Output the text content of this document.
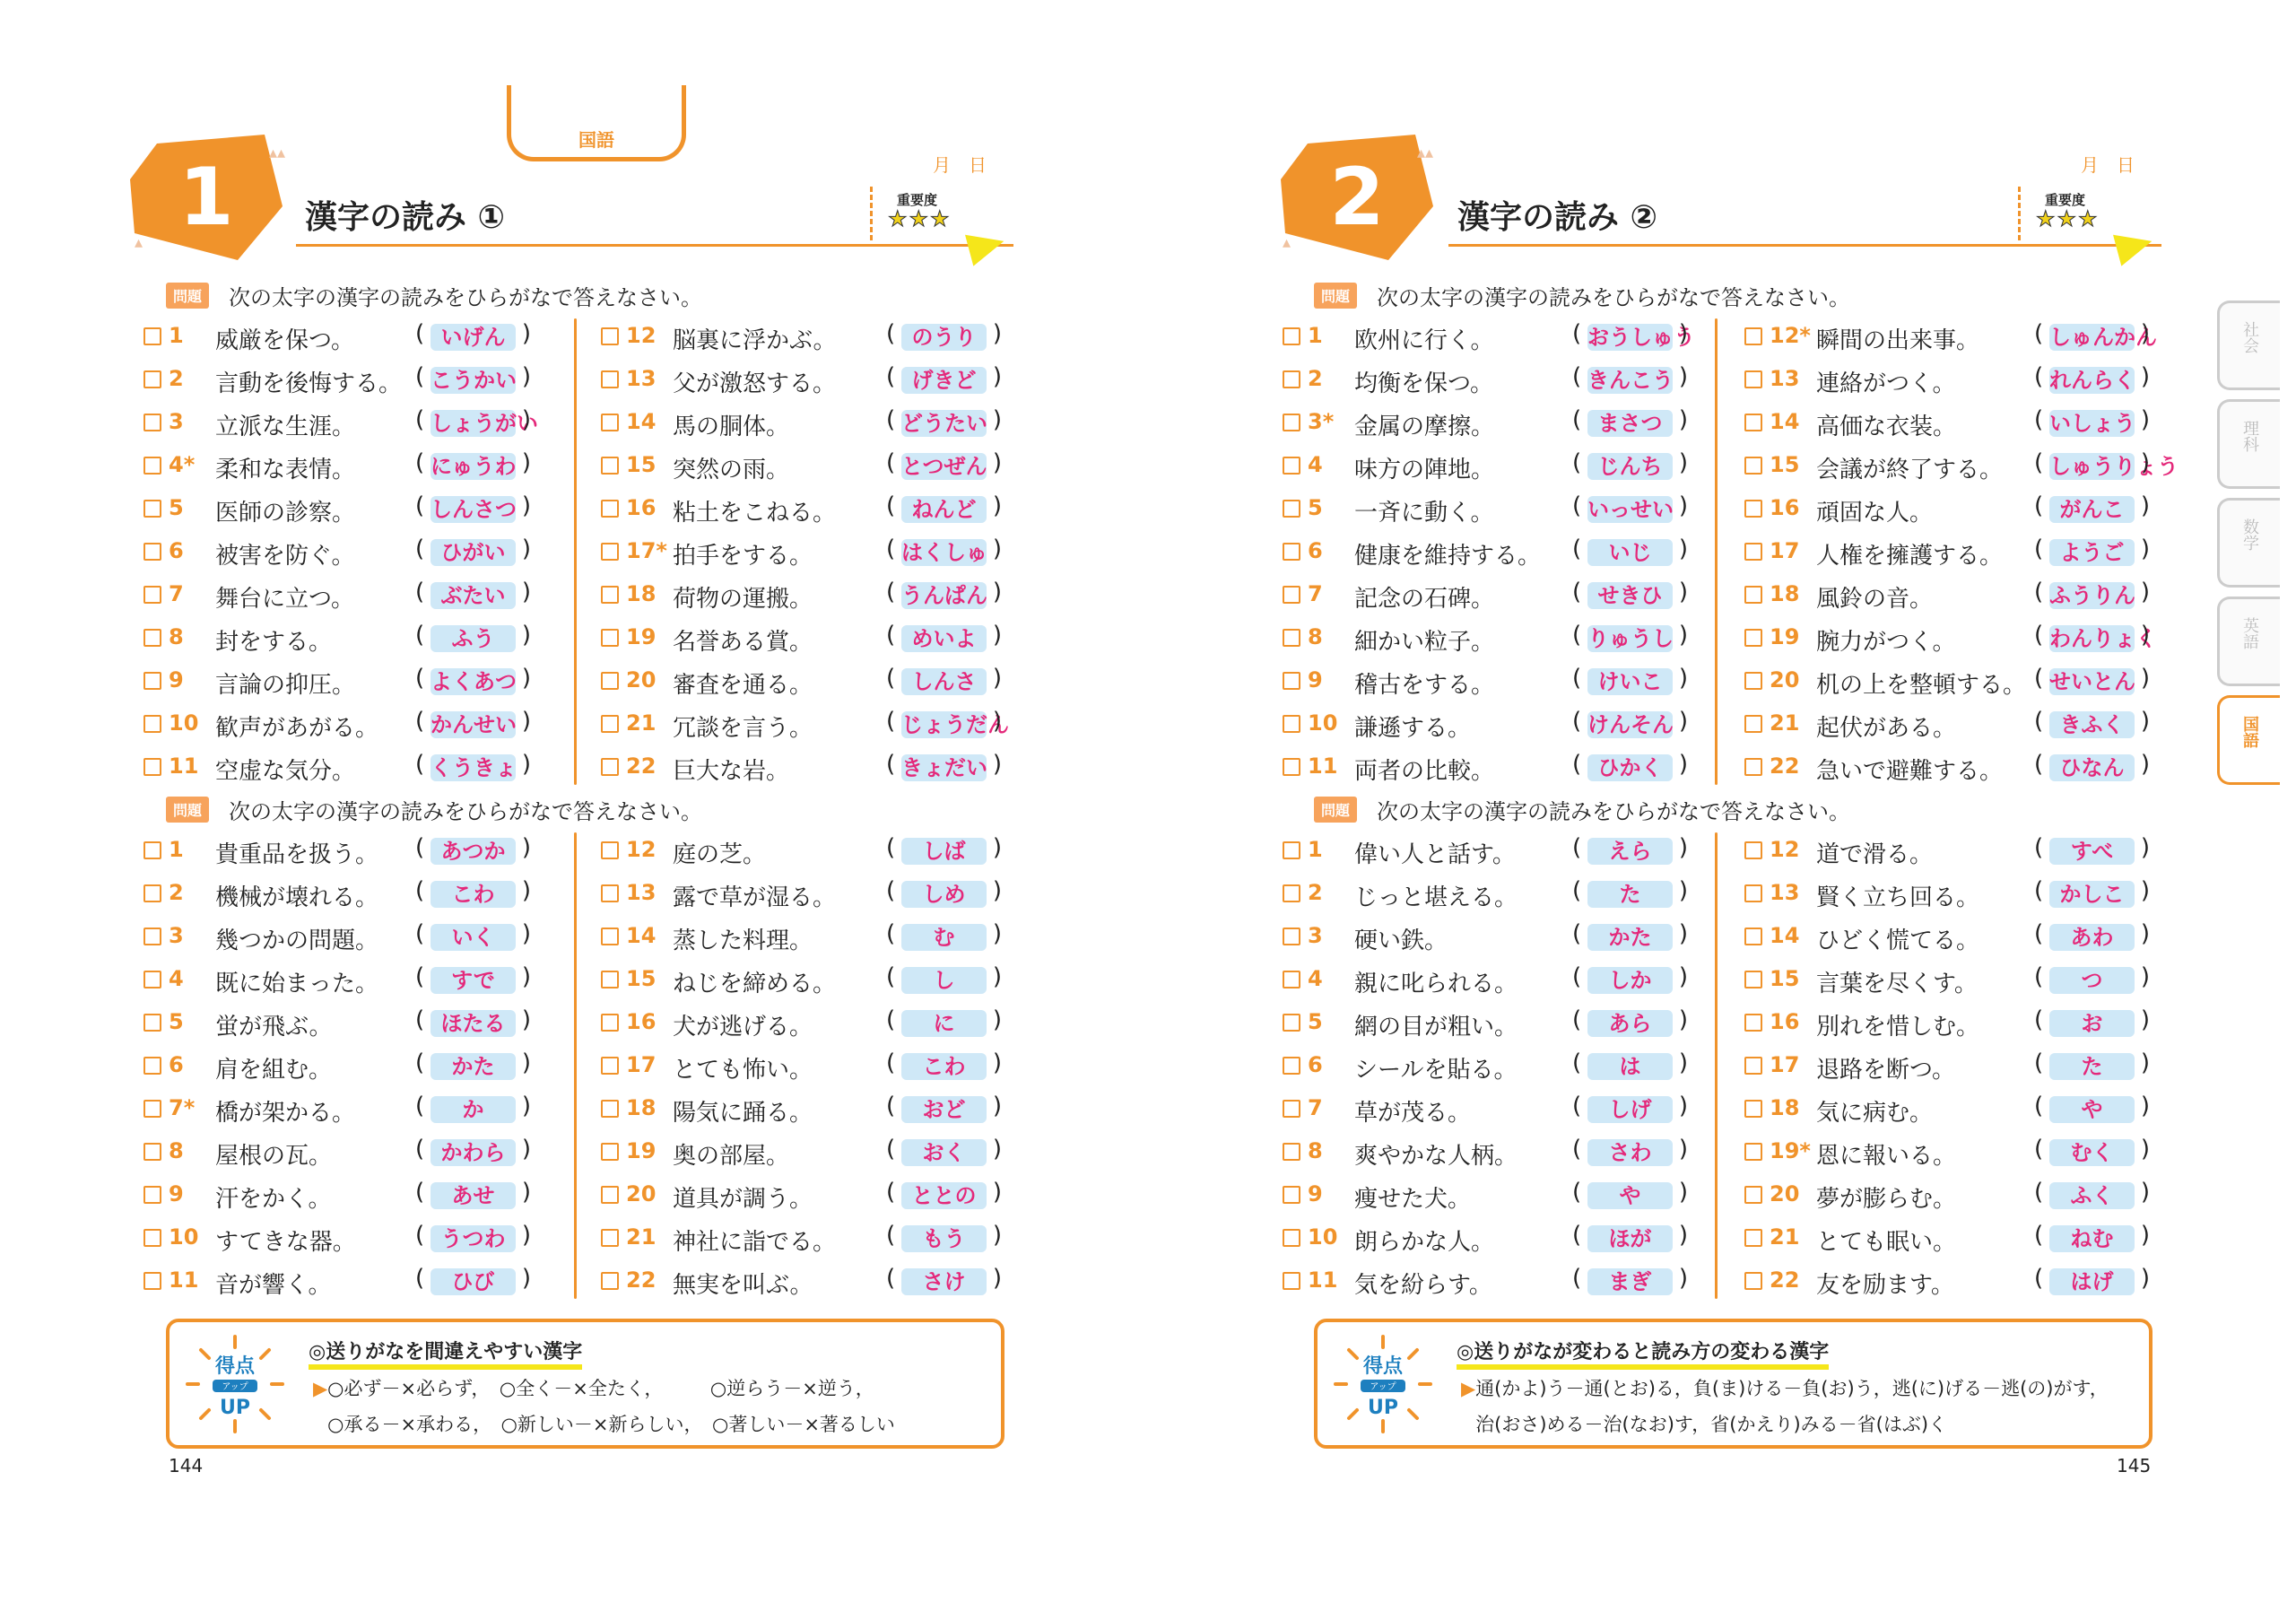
国語
1	▴▴
▴
月　日
漢字の読み ①	重要度
★★★
問題	次の太字の漢字の読みをひらがなで答えなさい。
1 威厳を保つ。	( いげん
)
2 言動を後悔する。 ( こうかい
)
3 立派な生涯。	( しょうがい
)
4* 柔和な表情。	( にゅうわ
)
5 医師の診察。	( しんさつ
)
6 被害を防ぐ。	( ひがい
)
7 舞台に立つ。	( ぶたい
)
8 封をする。	( ふう
)
9 言論の抑圧。	( よくあつ
)
10 歓声があがる。 ( かんせい
)
11 空虚な気分。	( くうきょ
)
12 脳裏に浮かぶ。	( のうり
)
13 父が激怒する。	( げきど
)
14 馬の胴体。	( どうたい
)
15 突然の雨。	( とつぜん
)
16 粘土をこねる。	( ねんど
)
17* 拍手をする。	( はくしゅ
)
18 荷物の運搬。	( うんぱん
)
19 名誉ある賞。	( めいよ
)
20 審査を通る。	( しんさ
)
21 冗談を言う。	( じょうだん
)
22 巨大な岩。	( きょだい
)
問題	次の太字の漢字の読みをひらがなで答えなさい。
1 貴重品を扱う。	( あつか
)
2 機械が壊れる。	( こわ
)
3 幾つかの問題。	( いく
)
4 既に始まった。	( すで
)
5 蛍が飛ぶ。	( ほたる
)
6 肩を組む。	( かた
)
7* 橋が架かる。	( か
)
8 屋根の瓦。	( かわら
)
9 汗をかく。	( あせ
)
10 すてきな器。	( うつわ
)
11 音が響く。	( ひび
)
12 庭の芝。	( しば
)
13 露で草が湿る。	( しめ
)
14 蒸した料理。	( む
)
15 ねじを締める。	( し
)
16 犬が逃げる。	( に
)
17 とても怖い。	( こわ
)
18 陽気に踊る。	( おど
)
19 奥の部屋。	( おく
)
20 道具が調う。	( ととの
)
21 神社に詣でる。	( もう
)
22 無実を叫ぶ。	( さけ
)
得点
アップ
UP
◎送りがなを間違えやすい漢字
▶○必ず－×必らず，　○全く－×全たく，　　　○逆らう－×逆う，
○承る－×承わる，　○新しい－×新らしい，　○著しい－×著るしい
144
2	▴▴
▴
月　日
漢字の読み ②	重要度
★★★
問題	次の太字の漢字の読みをひらがなで答えなさい。
1 欧州に行く。	( おうしゅう
)
2 均衡を保つ。	( きんこう
)
3* 金属の摩擦。	( まさつ
)
4 味方の陣地。	( じんち
)
5 一斉に動く。	( いっせい
)
6 健康を維持する。	( いじ
)
7 記念の石碑。	( せきひ
)
8 細かい粒子。	( りゅうし
)
9 稽古をする。	( けいこ
)
10 謙遜する。	( けんそん
)
11 両者の比較。	( ひかく
)
12* 瞬間の出来事。	( しゅんかん
)
13 連絡がつく。	( れんらく
)
14 高価な衣装。	( いしょう
)
15 会議が終了する。 ( しゅうりょう
)
16 頑固な人。	( がんこ
)
17 人権を擁護する。	( ようご
)
18 風鈴の音。	( ふうりん
)
19 腕力がつく。	( わんりょく
)
20 机の上を整頓する。 ( せいとん
)
21 起伏がある。	( きふく
)
22 急いで避難する。	( ひなん
)
問題	次の太字の漢字の読みをひらがなで答えなさい。
1 偉い人と話す。	( えら
)
2 じっと堪える。	( た
)
3 硬い鉄。	( かた
)
4 親に叱られる。	( しか
)
5 網の目が粗い。	( あら
)
6 シールを貼る。	( は
)
7 草が茂る。	( しげ
)
8 爽やかな人柄。	( さわ
)
9 痩せた犬。	( や
)
10 朗らかな人。	( ほが
)
11 気を紛らす。	( まぎ
)
12 道で滑る。	( すべ
)
13 賢く立ち回る。	( かしこ
)
14 ひどく慌てる。	( あわ
)
15 言葉を尽くす。	( つ
)
16 別れを惜しむ。	( お
)
17 退路を断つ。	( た
)
18 気に病む。	( や
)
19* 恩に報いる。	( むく
)
20 夢が膨らむ。	( ふく
)
21 とても眠い。	( ねむ
)
22 友を励ます。	( はげ
)
得点
アップ
UP
◎送りがなが変わると読み方の変わる漢字
▶通(かよ)う－通(とお)る，負(ま)ける－負(お)う，逃(に)げる－逃(の)がす，
治(おさ)める－治(なお)す，省(かえり)みる－省(はぶ)く
145
社会
理科
数学
英語
国語
